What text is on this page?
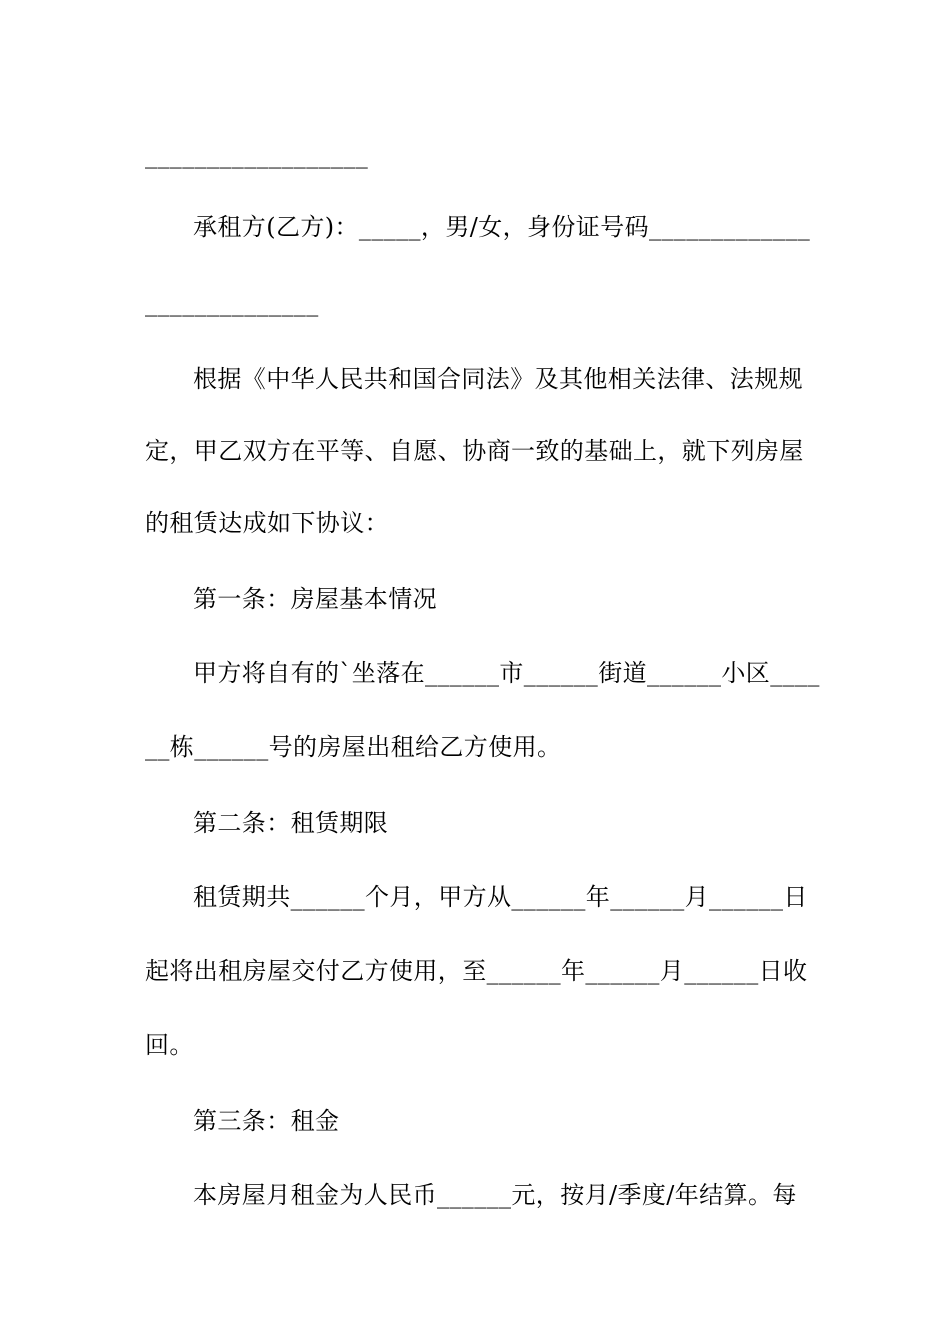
__________________
承租方(乙方)：_____，男/女，身份证号码_____________
______________
根据《中华人民共和国合同法》及其他相关法律、法规规
定，甲乙双方在平等、自愿、协商一致的基础上，就下列房屋
的租赁达成如下协议：
第一条：房屋基本情况
甲方将自有的`坐落在______市______街道______小区____
__栋______号的房屋出租给乙方使用。
第二条：租赁期限
租赁期共______个月，甲方从______年______月______日
起将出租房屋交付乙方使用，至______年______月______日收
回。
第三条：租金
本房屋月租金为人民币______元，按月/季度/年结算。每
